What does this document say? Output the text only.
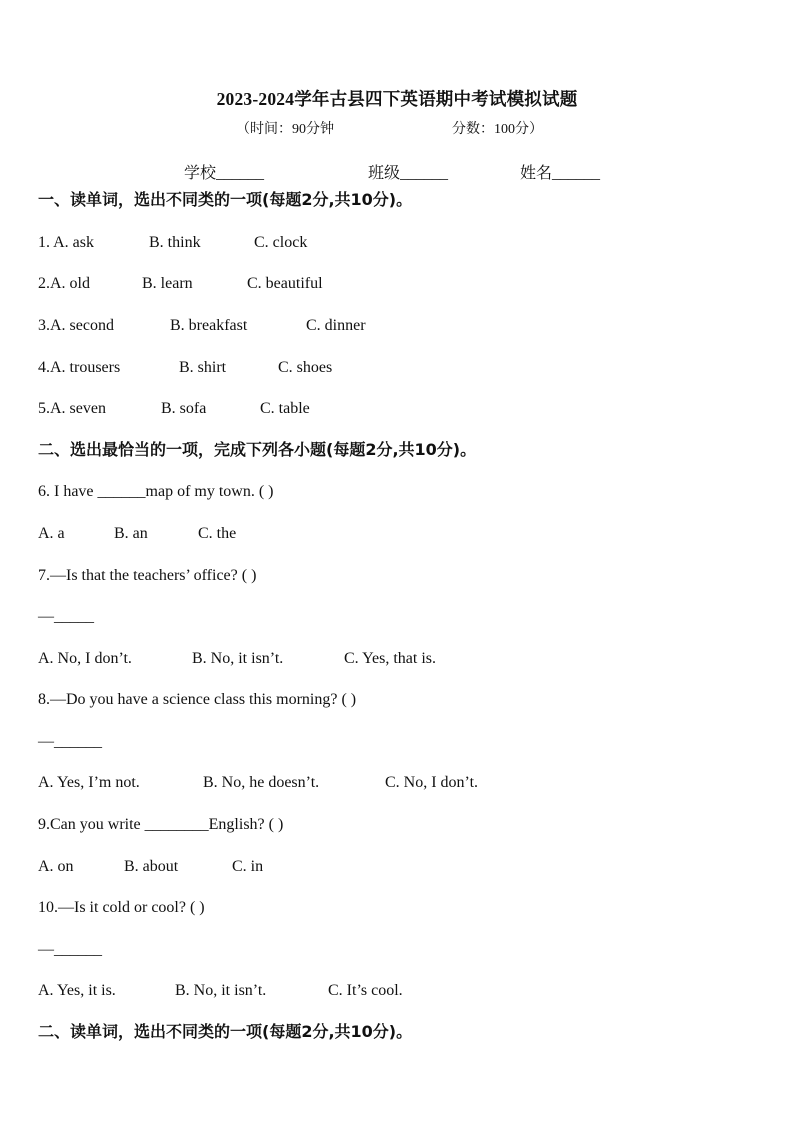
2023-2024学年古县四下英语期中考试模拟试题
（时间：90分钟	分数：100分）
学校______	班级______	姓名______
一、读单词，选出不同类的一项(每题2分,共10分)。
1. A. ask	B. think	C. clock
2.A. old	B. learn	C. beautiful
3.A. second	B. breakfast	C. dinner
4.A. trousers	B. shirt	C. shoes
5.A. seven	B. sofa	C. table
二、选出最恰当的一项，完成下列各小题(每题2分,共10分)。
6. I have ______map of my town. ( )
A. a	B. an	C. the
7.—Is that the teachers’ office? ( )
—_____
A. No, I don’t.	B. No, it isn’t.	C. Yes, that is.
8.—Do you have a science class this morning? ( )
—______
A. Yes, I’m not.	B. No, he doesn’t.	C. No, I don’t.
9.Can you write ________English? ( )
A. on	B. about	C. in
10.—Is it cold or cool? ( )
—______
A. Yes, it is.	B. No, it isn’t.	C. It’s cool.
二、读单词，选出不同类的一项(每题2分,共10分)。
